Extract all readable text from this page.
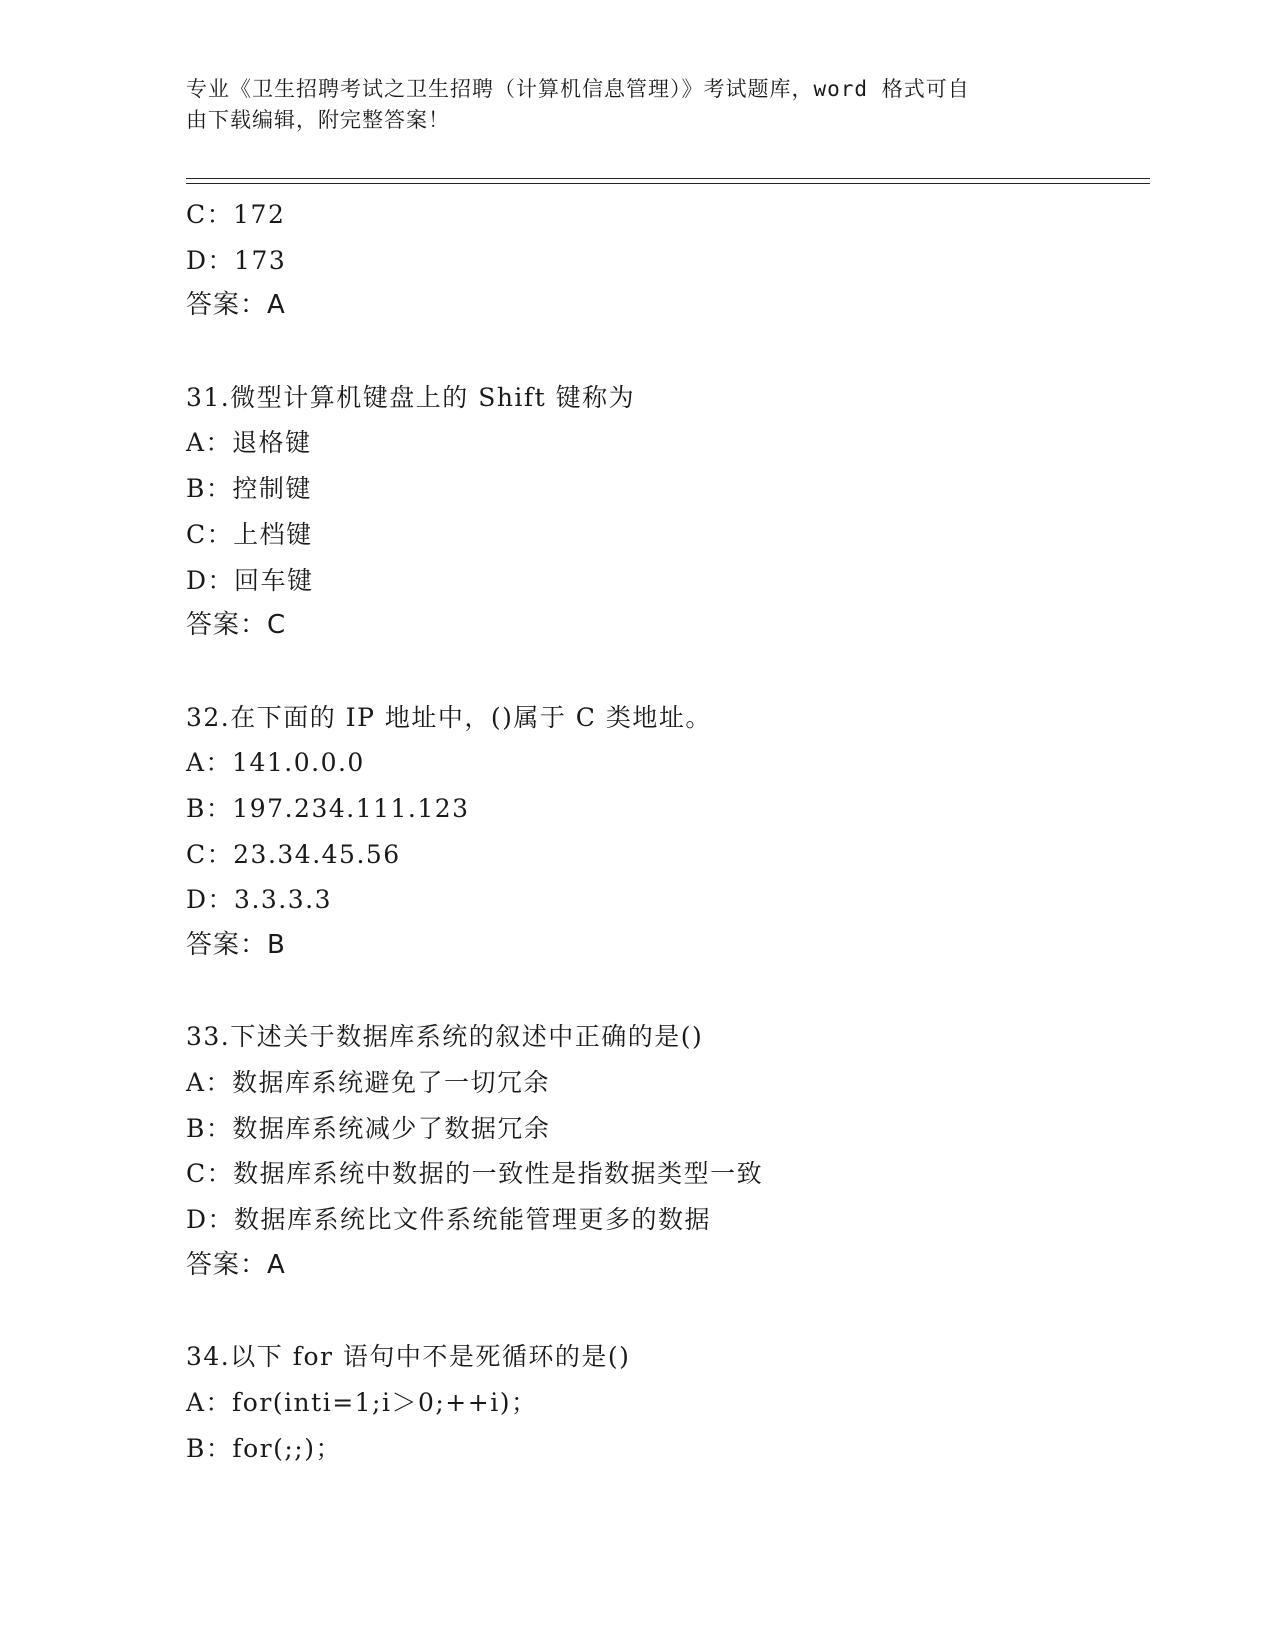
专业《卫生招聘考试之卫生招聘（计算机信息管理）》考试题库，word 格式可自
由下载编辑，附完整答案！
C：172
D：173
答案：A
31.微型计算机键盘上的 Shift 键称为
A：退格键
B：控制键
C：上档键
D：回车键
答案：C
32.在下面的 IP 地址中，()属于 C 类地址。
A：141.0.0.0
B：197.234.111.123
C：23.34.45.56
D：3.3.3.3
答案：B
33.下述关于数据库系统的叙述中正确的是()
A：数据库系统避免了一切冗余
B：数据库系统减少了数据冗余
C：数据库系统中数据的一致性是指数据类型一致
D：数据库系统比文件系统能管理更多的数据
答案：A
34.以下 for 语句中不是死循环的是()
A：for(inti=1;i＞0;++i)；
B：for(;;)；
